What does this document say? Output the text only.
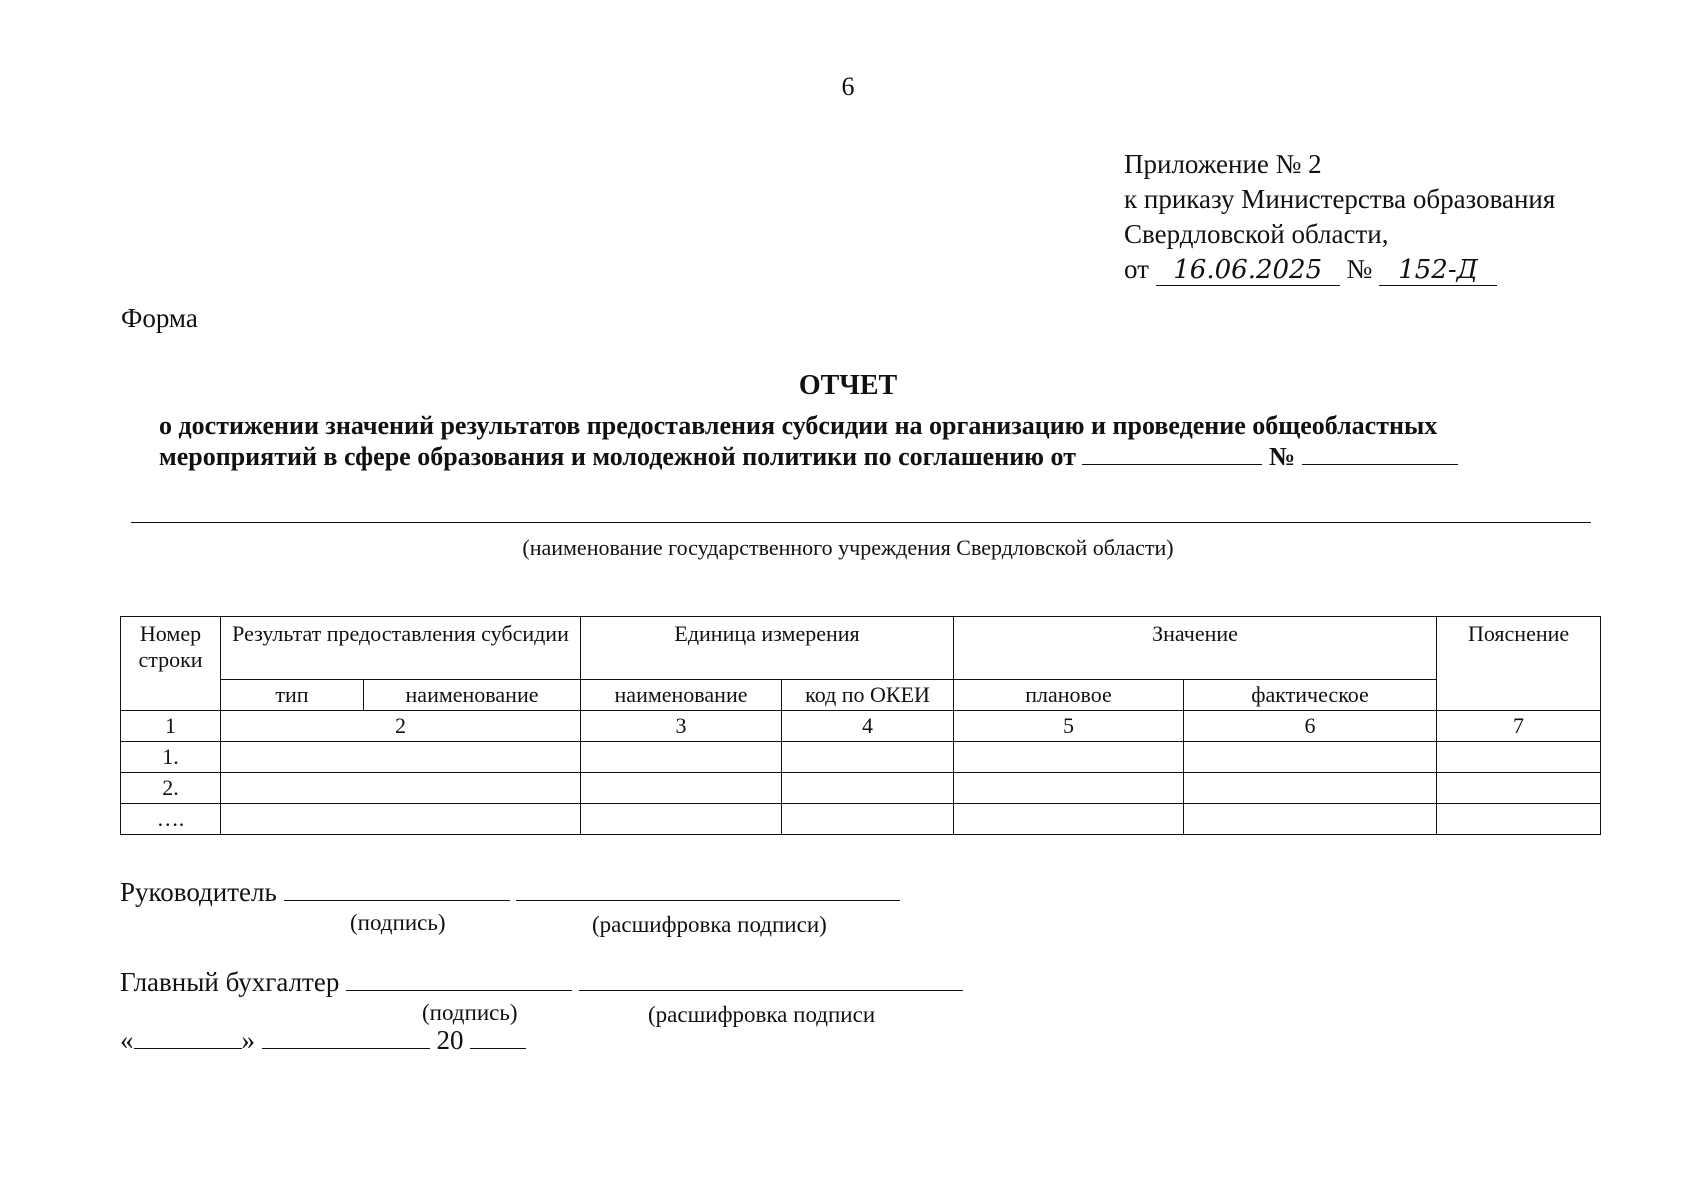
6
Приложение № 2
к приказу Министерства образования
Свердловской области,
от 16.06.2025 № 152-Д
Форма
ОТЧЕТ
о достижении значений результатов предоставления субсидии на организацию и проведение общеобластных
мероприятий в сфере образования и молодежной политики по соглашению от	№
(наименование государственного учреждения Свердловской области)
Номер строки	Результат предоставления субсидии		Единица измерения		Значение		Пояснение
	тип	наименование	наименование	код по ОКЕИ	плановое	фактическое	
1	2		3	4	5	6	7
1.							
2.							
….							
Руководитель
(подпись)	(расшифровка подписи)
Главный бухгалтер
(подпись)	(расшифровка подписи
«	»	20
